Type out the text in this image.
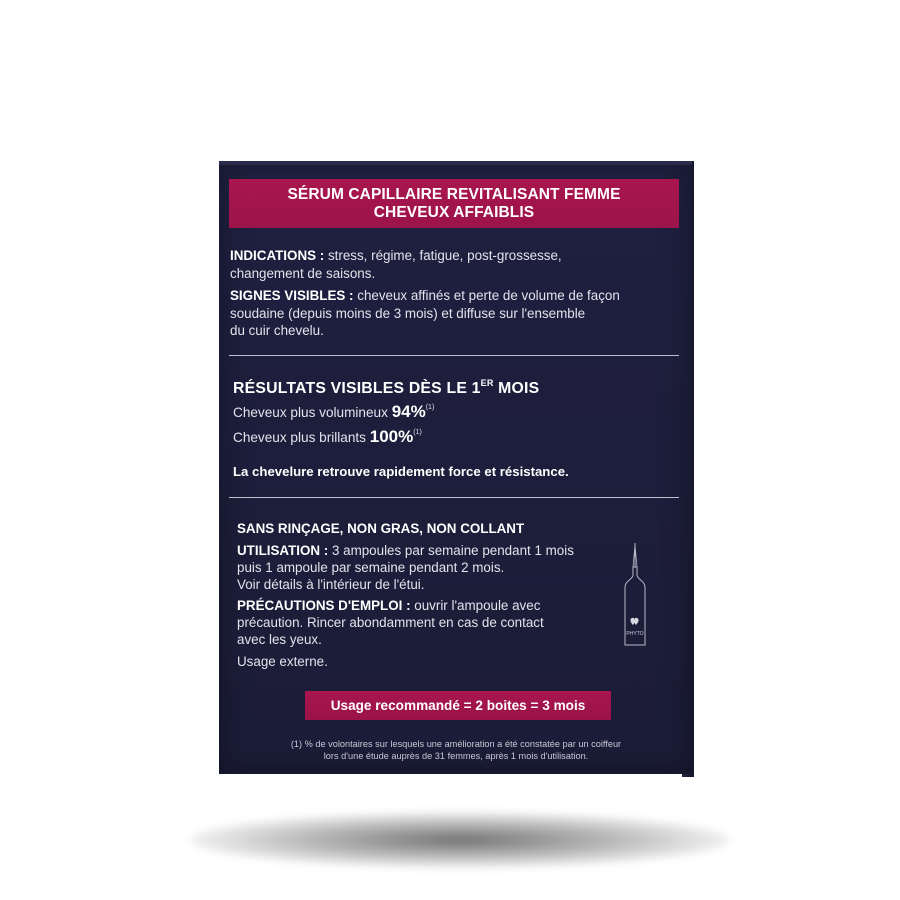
SÉRUM CAPILLAIRE REVITALISANT FEMME
CHEVEUX AFFAIBLIS
INDICATIONS : stress, régime, fatigue, post-grossesse,
changement de saisons.
SIGNES VISIBLES : cheveux affinés et perte de volume de façon
soudaine (depuis moins de 3 mois) et diffuse sur l'ensemble
du cuir chevelu.
RÉSULTATS VISIBLES DÈS LE 1ER MOIS
Cheveux plus volumineux 94%$^{(1)}$
Cheveux plus brillants 100%$^{(1)}$
La chevelure retrouve rapidement force et résistance.
SANS RINÇAGE, NON GRAS, NON COLLANT
UTILISATION : 3 ampoules par semaine pendant 1 mois
puis 1 ampoule par semaine pendant 2 mois.
Voir détails à l'intérieur de l'étui.
PRÉCAUTIONS D'EMPLOI : ouvrir l'ampoule avec
précaution. Rincer abondamment en cas de contact
avec les yeux.
Usage externe.
PHYTO
Usage recommandé = 2 boites = 3 mois
(1) % de volontaires sur lesquels une amélioration a été constatée par un coiffeur
lors d'une étude auprès de 31 femmes, après 1 mois d'utilisation.
